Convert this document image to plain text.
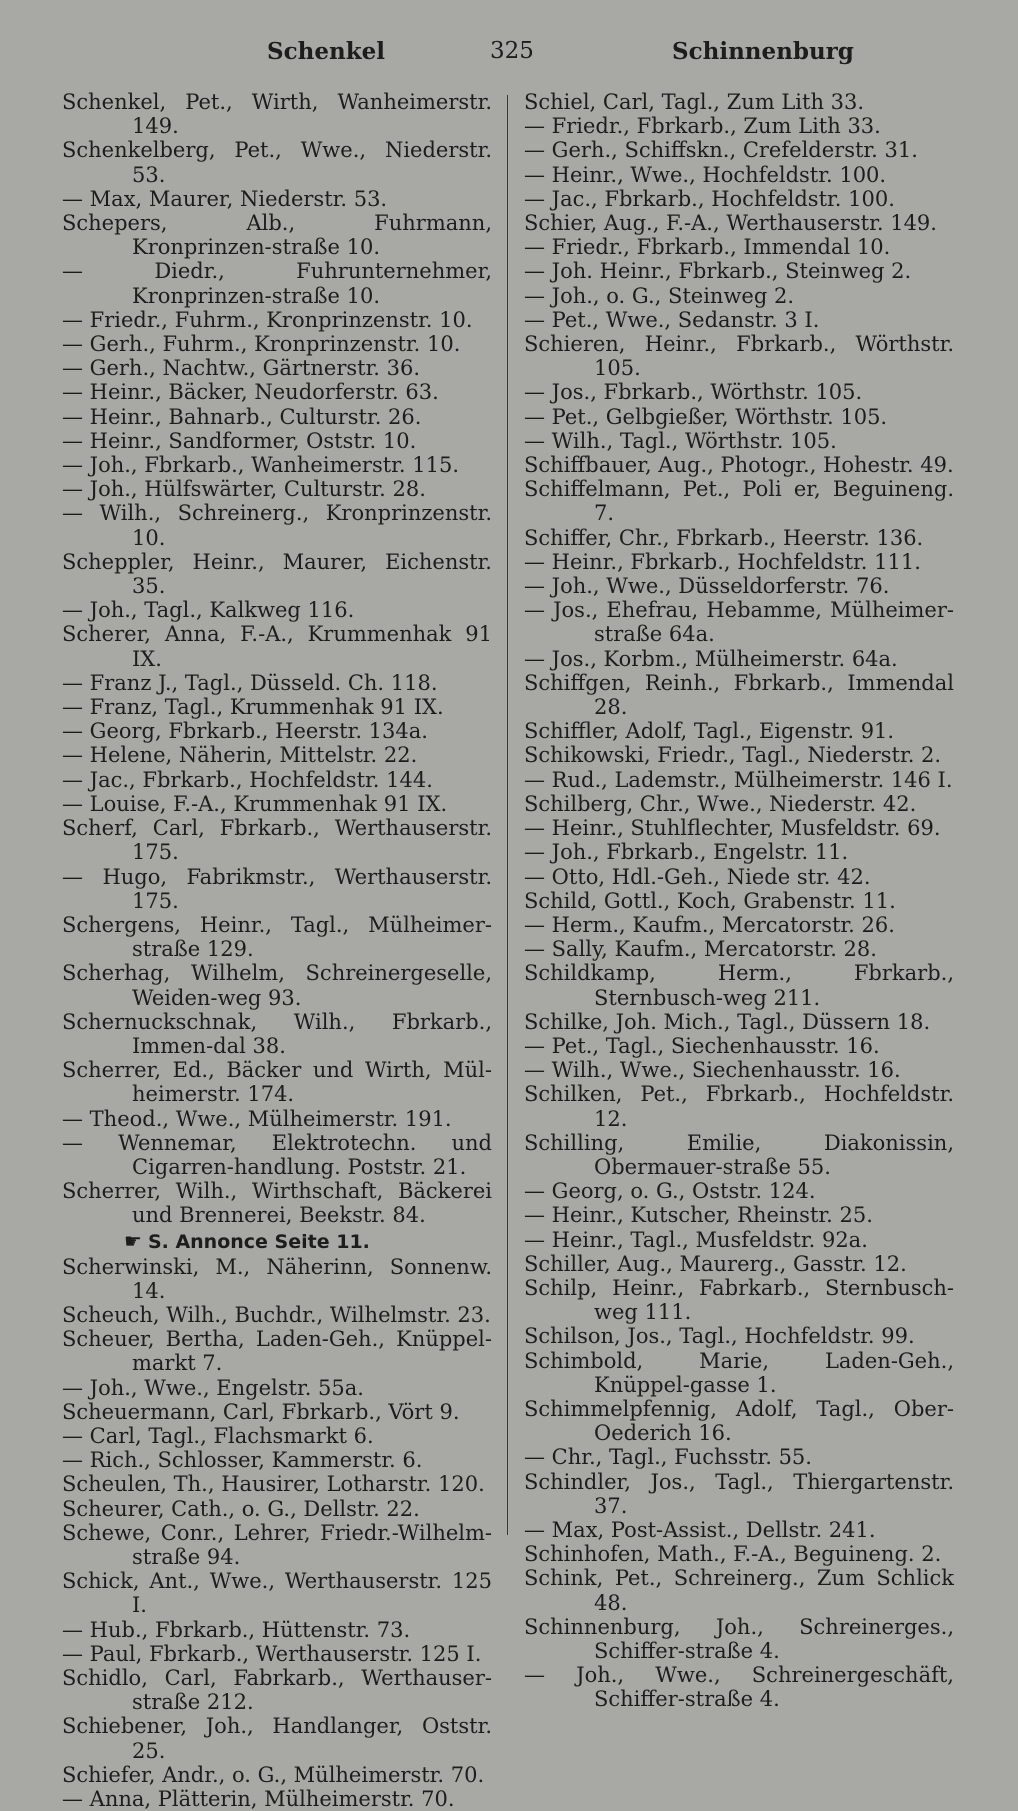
Schenkel	325	Schinnenburg
Schenkel, Pet., Wirth, Wanheimerstr. 149.
Schenkelberg, Pet., Wwe., Niederstr. 53.
— Max, Maurer, Niederstr. 53.
Schepers, Alb., Fuhrmann, Kronprinzen-straße 10.
— Diedr., Fuhrunternehmer, Kronprinzen-straße 10.
— Friedr., Fuhrm., Kronprinzenstr. 10.
— Gerh., Fuhrm., Kronprinzenstr. 10.
— Gerh., Nachtw., Gärtnerstr. 36.
— Heinr., Bäcker, Neudorferstr. 63.
— Heinr., Bahnarb., Culturstr. 26.
— Heinr., Sandformer, Oststr. 10.
— Joh., Fbrkarb., Wanheimerstr. 115.
— Joh., Hülfswärter, Culturstr. 28.
— Wilh., Schreinerg., Kronprinzenstr. 10.
Scheppler, Heinr., Maurer, Eichenstr. 35.
— Joh., Tagl., Kalkweg 116.
Scherer, Anna, F.-A., Krummenhak 91 IX.
— Franz J., Tagl., Düsseld. Ch. 118.
— Franz, Tagl., Krummenhak 91 IX.
— Georg, Fbrkarb., Heerstr. 134a.
— Helene, Näherin, Mittelstr. 22.
— Jac., Fbrkarb., Hochfeldstr. 144.
— Louise, F.-A., Krummenhak 91 IX.
Scherf, Carl, Fbrkarb., Werthauserstr. 175.
— Hugo, Fabrikmstr., Werthauserstr. 175.
Schergens, Heinr., Tagl., Mülheimer-straße 129.
Scherhag, Wilhelm, Schreinergeselle, Weiden-weg 93.
Schernuckschnak, Wilh., Fbrkarb., Immen-dal 38.
Scherrer, Ed., Bäcker und Wirth, Mül-heimerstr. 174.
— Theod., Wwe., Mülheimerstr. 191.
— Wennemar, Elektrotechn. und Cigarren-handlung. Poststr. 21.
Scherrer, Wilh., Wirthschaft, Bäckerei und Brennerei, Beekstr. 84.
☛ S. Annonce Seite 11.
Scherwinski, M., Näherinn, Sonnenw. 14.
Scheuch, Wilh., Buchdr., Wilhelmstr. 23.
Scheuer, Bertha, Laden-Geh., Knüppel-markt 7.
— Joh., Wwe., Engelstr. 55a.
Scheuermann, Carl, Fbrkarb., Vört 9.
— Carl, Tagl., Flachsmarkt 6.
— Rich., Schlosser, Kammerstr. 6.
Scheulen, Th., Hausirer, Lotharstr. 120.
Scheurer, Cath., o. G., Dellstr. 22.
Schewe, Conr., Lehrer, Friedr.-Wilhelm-straße 94.
Schick, Ant., Wwe., Werthauserstr. 125 I.
— Hub., Fbrkarb., Hüttenstr. 73.
— Paul, Fbrkarb., Werthauserstr. 125 I.
Schidlo, Carl, Fabrkarb., Werthauser-straße 212.
Schiebener, Joh., Handlanger, Oststr. 25.
Schiefer, Andr., o. G., Mülheimerstr. 70.
— Anna, Plätterin, Mülheimerstr. 70.
Schiel, Carl, Tagl., Zum Lith 33.
— Friedr., Fbrkarb., Zum Lith 33.
— Gerh., Schiffskn., Crefelderstr. 31.
— Heinr., Wwe., Hochfeldstr. 100.
— Jac., Fbrkarb., Hochfeldstr. 100.
Schier, Aug., F.-A., Werthauserstr. 149.
— Friedr., Fbrkarb., Immendal 10.
— Joh. Heinr., Fbrkarb., Steinweg 2.
— Joh., o. G., Steinweg 2.
— Pet., Wwe., Sedanstr. 3 I.
Schieren, Heinr., Fbrkarb., Wörthstr. 105.
— Jos., Fbrkarb., Wörthstr. 105.
— Pet., Gelbgießer, Wörthstr. 105.
— Wilh., Tagl., Wörthstr. 105.
Schiffbauer, Aug., Photogr., Hohestr. 49.
Schiffelmann, Pet., Poli er, Beguineng. 7.
Schiffer, Chr., Fbrkarb., Heerstr. 136.
— Heinr., Fbrkarb., Hochfeldstr. 111.
— Joh., Wwe., Düsseldorferstr. 76.
— Jos., Ehefrau, Hebamme, Mülheimer-straße 64a.
— Jos., Korbm., Mülheimerstr. 64a.
Schiffgen, Reinh., Fbrkarb., Immendal 28.
Schiffler, Adolf, Tagl., Eigenstr. 91.
Schikowski, Friedr., Tagl., Niederstr. 2.
— Rud., Lademstr., Mülheimerstr. 146 I.
Schilberg, Chr., Wwe., Niederstr. 42.
— Heinr., Stuhlflechter, Musfeldstr. 69.
— Joh., Fbrkarb., Engelstr. 11.
— Otto, Hdl.-Geh., Niede str. 42.
Schild, Gottl., Koch, Grabenstr. 11.
— Herm., Kaufm., Mercatorstr. 26.
— Sally, Kaufm., Mercatorstr. 28.
Schildkamp, Herm., Fbrkarb., Sternbusch-weg 211.
Schilke, Joh. Mich., Tagl., Düssern 18.
— Pet., Tagl., Siechenhausstr. 16.
— Wilh., Wwe., Siechenhausstr. 16.
Schilken, Pet., Fbrkarb., Hochfeldstr. 12.
Schilling, Emilie, Diakonissin, Obermauer-straße 55.
— Georg, o. G., Oststr. 124.
— Heinr., Kutscher, Rheinstr. 25.
— Heinr., Tagl., Musfeldstr. 92a.
Schiller, Aug., Maurerg., Gasstr. 12.
Schilp, Heinr., Fabrkarb., Sternbusch-weg 111.
Schilson, Jos., Tagl., Hochfeldstr. 99.
Schimbold, Marie, Laden-Geh., Knüppel-gasse 1.
Schimmelpfennig, Adolf, Tagl., Ober-Oederich 16.
— Chr., Tagl., Fuchsstr. 55.
Schindler, Jos., Tagl., Thiergartenstr. 37.
— Max, Post-Assist., Dellstr. 241.
Schinhofen, Math., F.-A., Beguineng. 2.
Schink, Pet., Schreinerg., Zum Schlick 48.
Schinnenburg, Joh., Schreinerges., Schiffer-straße 4.
— Joh., Wwe., Schreinergeschäft, Schiffer-straße 4.
